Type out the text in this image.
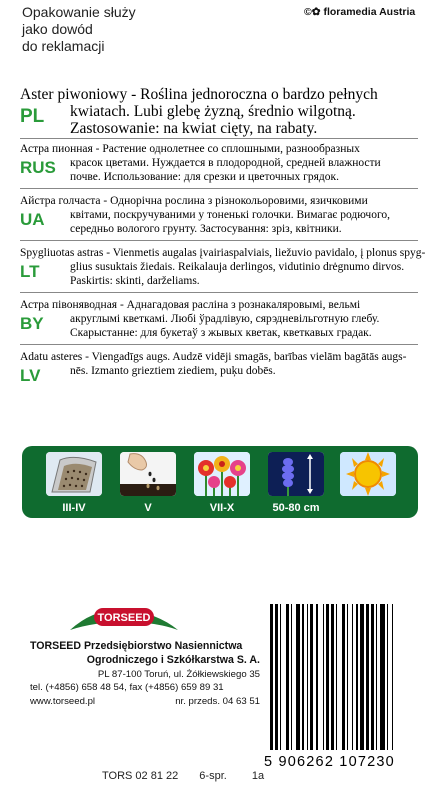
Opakowanie służy
jako dowód
do reklamacji
©✿ floramedia Austria
PL
Aster piwoniowy - Roślina jednoroczna o bardzo pełnych
kwiatach. Lubi glebę żyzną, średnio wilgotną.
Zastosowanie: na kwiat cięty, na rabaty.
RUS
Астра пионная - Растение однолетнее со сплошными, разнообразных
красок цветами. Нуждается в плодородной, средней влажности
почве. Использование: для срезки и цветочных грядок.
UA
Айстра голчаста - Однорічна рослина з різнокольоровими, язичковими
квітами, поскручуваними у тоненькі голочки. Вимагає родючого,
середньо вологого грунту. Застосування: зріз, квітники.
LT
Spygliuotas astras - Vienmetis augalas įvairiaspalviais, liežuvio pavidalo, į plonus spyg-
glius susuktais žiedais. Reikalauja derlingos, vidutinio drėgnumo dirvos.
Paskirtis: skinti, darželiams.
BY
Астра півоняводная - Аднагадовая расліна з рознакаляровымі, вельмі
акруглымі кветкамі. Любі ўрадлівую, сярэдневільготную глебу.
Скарыстанне: для букетаў з жывых кветак, кветкавых градак.
LV
Adatu asteres - Viengadīgs augs. Audzē vidēji smagās, barības vielām bagātās augs-
nēs. Izmanto grieztiem ziediem, puķu dobēs.
III-IV	V	VII-X	50-80 cm
TORSEED
TORSEED Przedsiębiorstwo Nasiennictwa
Ogrodniczego i Szkółkarstwa S. A.
PL 87-100 Toruń, ul. Żółkiewskiego 35
tel. (+4856) 658 48 54, fax (+4856) 659 89 31
www.torseed.pl	nr. przeds. 04 63 51
5 906262 107230
TORS 02 81 22 6-spr. 1a
